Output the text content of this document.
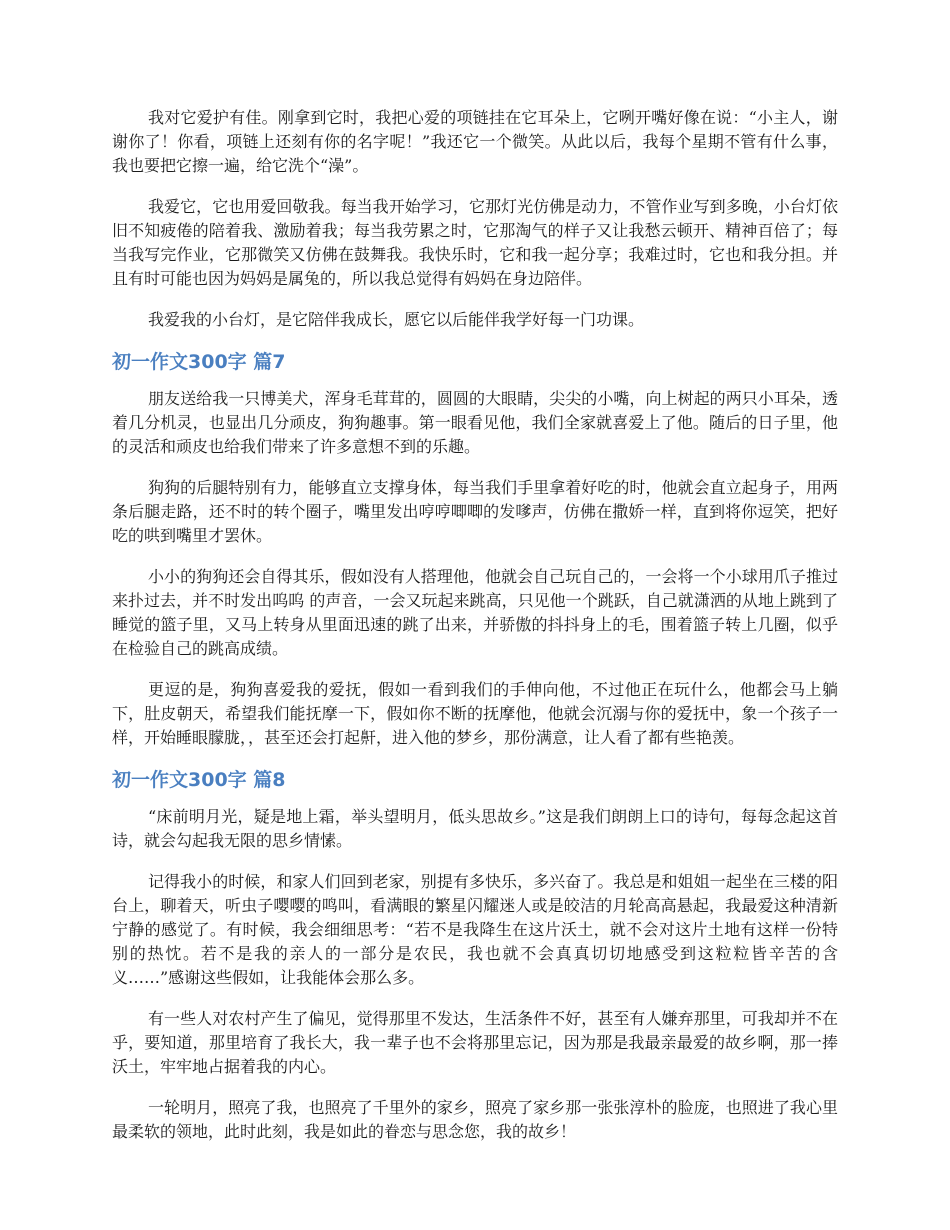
我对它爱护有佳。刚拿到它时，我把心爱的项链挂在它耳朵上，它咧开嘴好像在说：“小主人，谢谢你了！你看，项链上还刻有你的名字呢！”我还它一个微笑。从此以后，我每个星期不管有什么事，我也要把它擦一遍，给它洗个“澡”。

我爱它，它也用爱回敬我。每当我开始学习，它那灯光仿佛是动力，不管作业写到多晚，小台灯依旧不知疲倦的陪着我、激励着我；每当我劳累之时，它那淘气的样子又让我愁云顿开、精神百倍了；每当我写完作业，它那微笑又仿佛在鼓舞我。我快乐时，它和我一起分享；我难过时，它也和我分担。并且有时可能也因为妈妈是属兔的，所以我总觉得有妈妈在身边陪伴。

我爱我的小台灯，是它陪伴我成长，愿它以后能伴我学好每一门功课。

初一作文300字 篇7

朋友送给我一只博美犬，浑身毛茸茸的，圆圆的大眼睛，尖尖的小嘴，向上树起的两只小耳朵，透着几分机灵，也显出几分顽皮，狗狗趣事。第一眼看见他，我们全家就喜爱上了他。随后的日子里，他的灵活和顽皮也给我们带来了许多意想不到的乐趣。

狗狗的后腿特别有力，能够直立支撑身体，每当我们手里拿着好吃的时，他就会直立起身子，用两条后腿走路，还不时的转个圈子，嘴里发出哼哼唧唧的发嗲声，仿佛在撒娇一样，直到将你逗笑，把好吃的哄到嘴里才罢休。

小小的狗狗还会自得其乐，假如没有人搭理他，他就会自己玩自己的，一会将一个小球用爪子推过来扑过去，并不时发出呜呜 的声音，一会又玩起来跳高，只见他一个跳跃，自己就潇洒的从地上跳到了睡觉的篮子里，又马上转身从里面迅速的跳了出来，并骄傲的抖抖身上的毛，围着篮子转上几圈，似乎在检验自己的跳高成绩。

更逗的是，狗狗喜爱我的爱抚，假如一看到我们的手伸向他，不过他正在玩什么，他都会马上躺下，肚皮朝天，希望我们能抚摩一下，假如你不断的抚摩他，他就会沉溺与你的爱抚中，象一个孩子一样，开始睡眼朦胧，，甚至还会打起鼾，进入他的梦乡，那份满意，让人看了都有些艳羡。

初一作文300字 篇8

“床前明月光，疑是地上霜，举头望明月，低头思故乡。”这是我们朗朗上口的诗句，每每念起这首诗，就会勾起我无限的思乡情愫。

记得我小的时候，和家人们回到老家，别提有多快乐，多兴奋了。我总是和姐姐一起坐在三楼的阳台上，聊着天，听虫子嘤嘤的鸣叫，看满眼的繁星闪耀迷人或是皎洁的月轮高高悬起，我最爱这种清新宁静的感觉了。有时候，我会细细思考：“若不是我降生在这片沃土，就不会对这片土地有这样一份特别的热忱。若不是我的亲人的一部分是农民，我也就不会真真切切地感受到这粒粒皆辛苦的含义……”感谢这些假如，让我能体会那么多。

有一些人对农村产生了偏见，觉得那里不发达，生活条件不好，甚至有人嫌弃那里，可我却并不在乎，要知道，那里培育了我长大，我一辈子也不会将那里忘记，因为那是我最亲最爱的故乡啊，那一捧沃土，牢牢地占据着我的内心。

一轮明月，照亮了我，也照亮了千里外的家乡，照亮了家乡那一张张淳朴的脸庞，也照进了我心里最柔软的领地，此时此刻，我是如此的眷恋与思念您，我的故乡！
